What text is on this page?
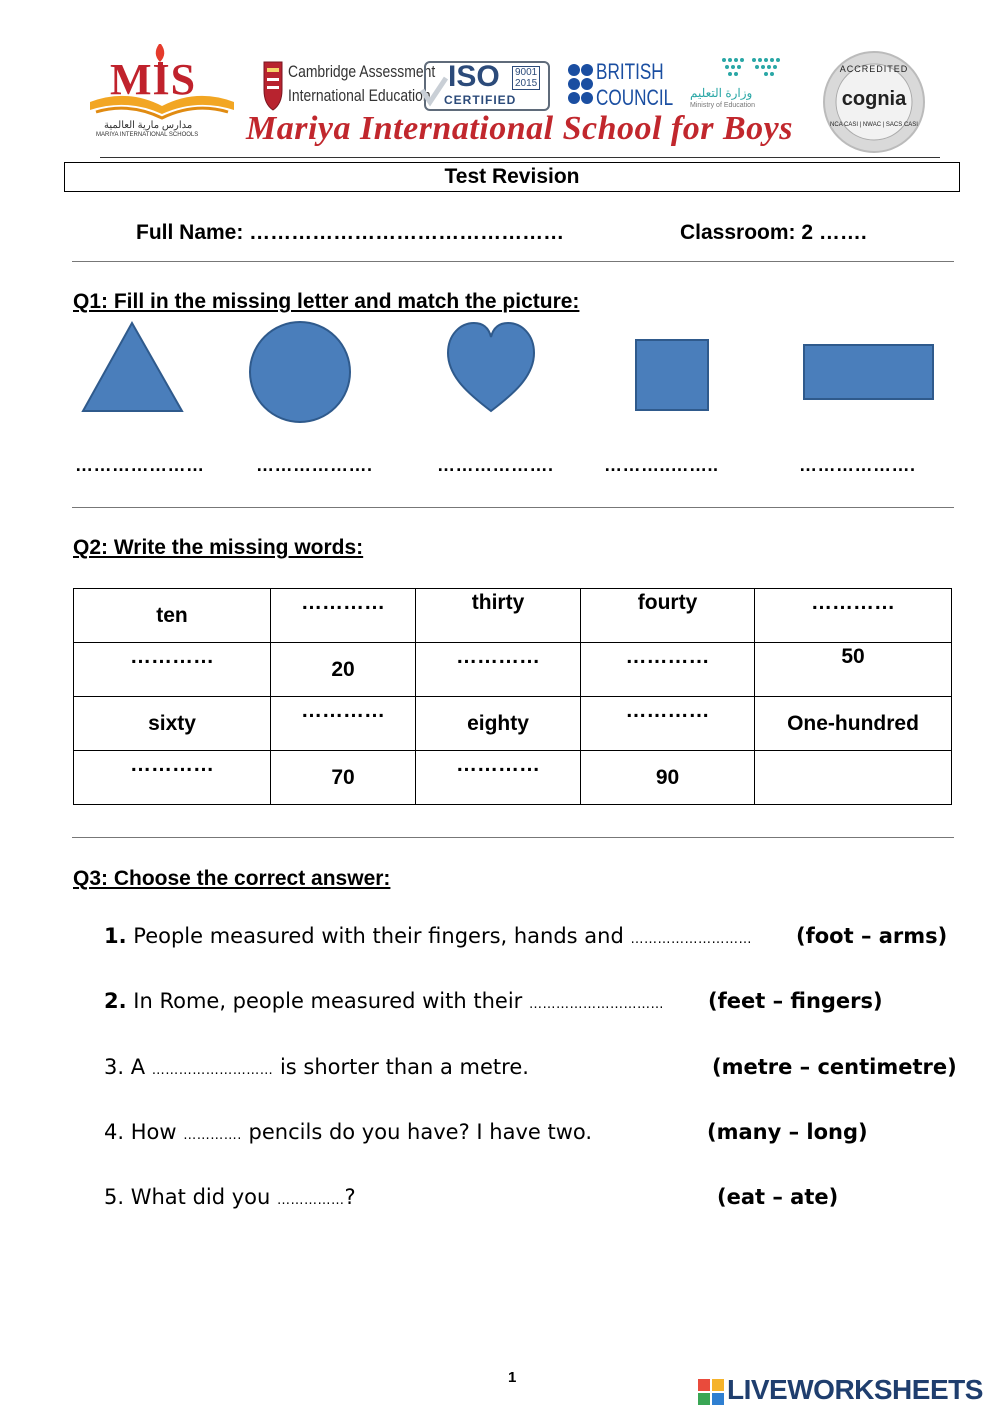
MIS
مدارس مارية العالمية
MARIYA INTERNATIONAL SCHOOLS
Cambridge Assessment
International Education
ISO	9001
2015
CERTIFIED
BRITISH
COUNCIL وزارة التعليم
Ministry of Education
ACCREDITED
cognia
NCA CASI | NWAC | SACS CASI
Mariya International School for Boys
Test Revision
Full Name: ………………………………………	Classroom: 2 …….
Q1: Fill in the missing letter and match the picture:
…………………	……………….	……………….	………..……..	……………….
Q2: Write the missing words:
ten	…………	thirty	fourty	…………
…………	20	…………	…………	50
sixty	…………	eighty	…………	One-hundred
…………	70	…………	90	
Q3: Choose the correct answer:
1. People measured with their fingers, hands and ……………………… (foot – arms)
2. In Rome, people measured with their ………………………… (feet – fingers)
3. A ……………………… is shorter than a metre.	(metre – centimetre)
4. How …………. pencils do you have? I have two.	(many – long)
5. What did you ……………?	(eat – ate)
1	LIVEWORKSHEETS
